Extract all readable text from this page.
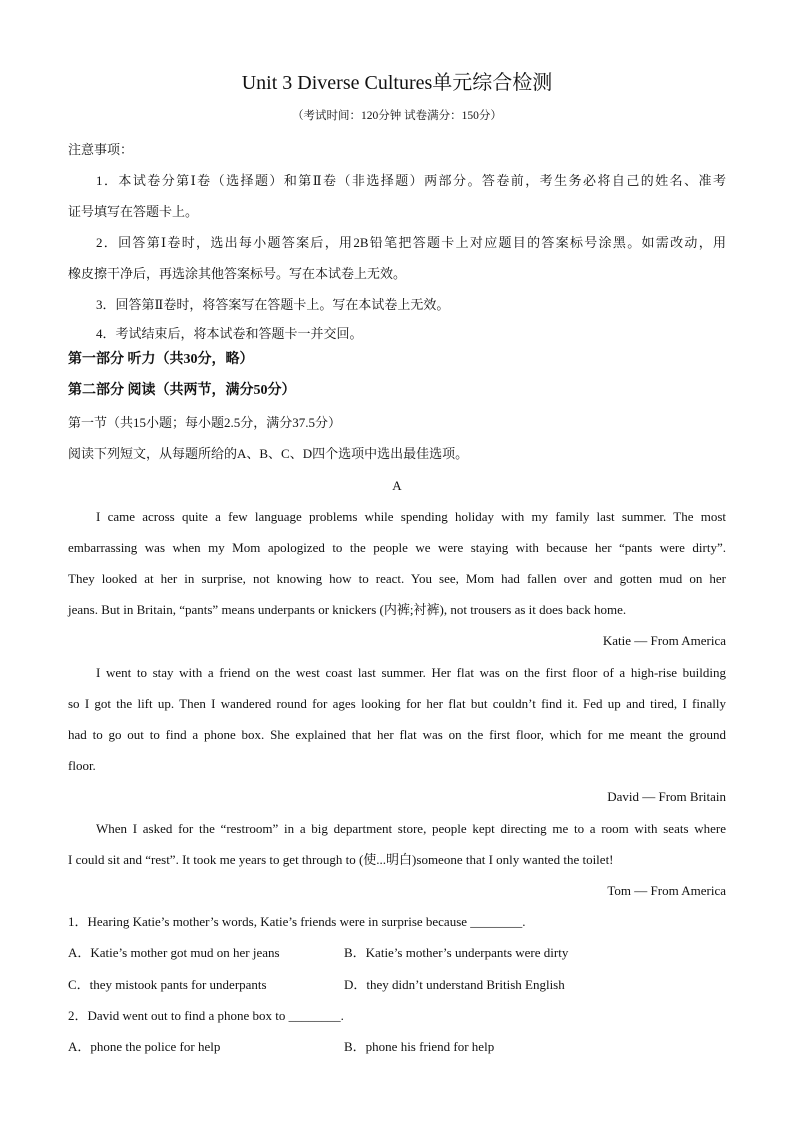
Unit 3 Diverse Cultures单元综合检测
（考试时间：120分钟 试卷满分：150分）
注意事项：
1．本试卷分第Ⅰ卷（选择题）和第Ⅱ卷（非选择题）两部分。答卷前，考生务必将自己的姓名、准考
证号填写在答题卡上。
2．回答第Ⅰ卷时，选出每小题答案后，用2B铅笔把答题卡上对应题目的答案标号涂黑。如需改动，用
橡皮擦干净后，再选涂其他答案标号。写在本试卷上无效。
3．回答第Ⅱ卷时，将答案写在答题卡上。写在本试卷上无效。
4．考试结束后，将本试卷和答题卡一并交回。
第一部分 听力（共30分，略）
第二部分 阅读（共两节，满分50分）
第一节（共15小题；每小题2.5分，满分37.5分）
阅读下列短文，从每题所给的A、B、C、D四个选项中选出最佳选项。
A
I came across quite a few language problems while spending holiday with my family last summer. The most
embarrassing was when my Mom apologized to the people we were staying with because her “pants were dirty”.
They looked at her in surprise, not knowing how to react. You see, Mom had fallen over and gotten mud on her
jeans. But in Britain, “pants” means underpants or knickers (内裤;衬裤), not trousers as it does back home.
Katie — From America
I went to stay with a friend on the west coast last summer. Her flat was on the first floor of a high-rise building
so I got the lift up. Then I wandered round for ages looking for her flat but couldn’t find it. Fed up and tired, I finally
had to go out to find a phone box. She explained that her flat was on the first floor, which for me meant the ground
floor.
David — From Britain
When I asked for the “restroom” in a big department store, people kept directing me to a room with seats where
I could sit and “rest”. It took me years to get through to (使...明白)someone that I only wanted the toilet!
Tom — From America
1．Hearing Katie’s mother’s words, Katie’s friends were in surprise because ________.
A．Katie’s mother got mud on her jeans	B．Katie’s mother’s underpants were dirty
C．they mistook pants for underpants	D．they didn’t understand British English
2．David went out to find a phone box to ________.
A．phone the police for help	B．phone his friend for help
